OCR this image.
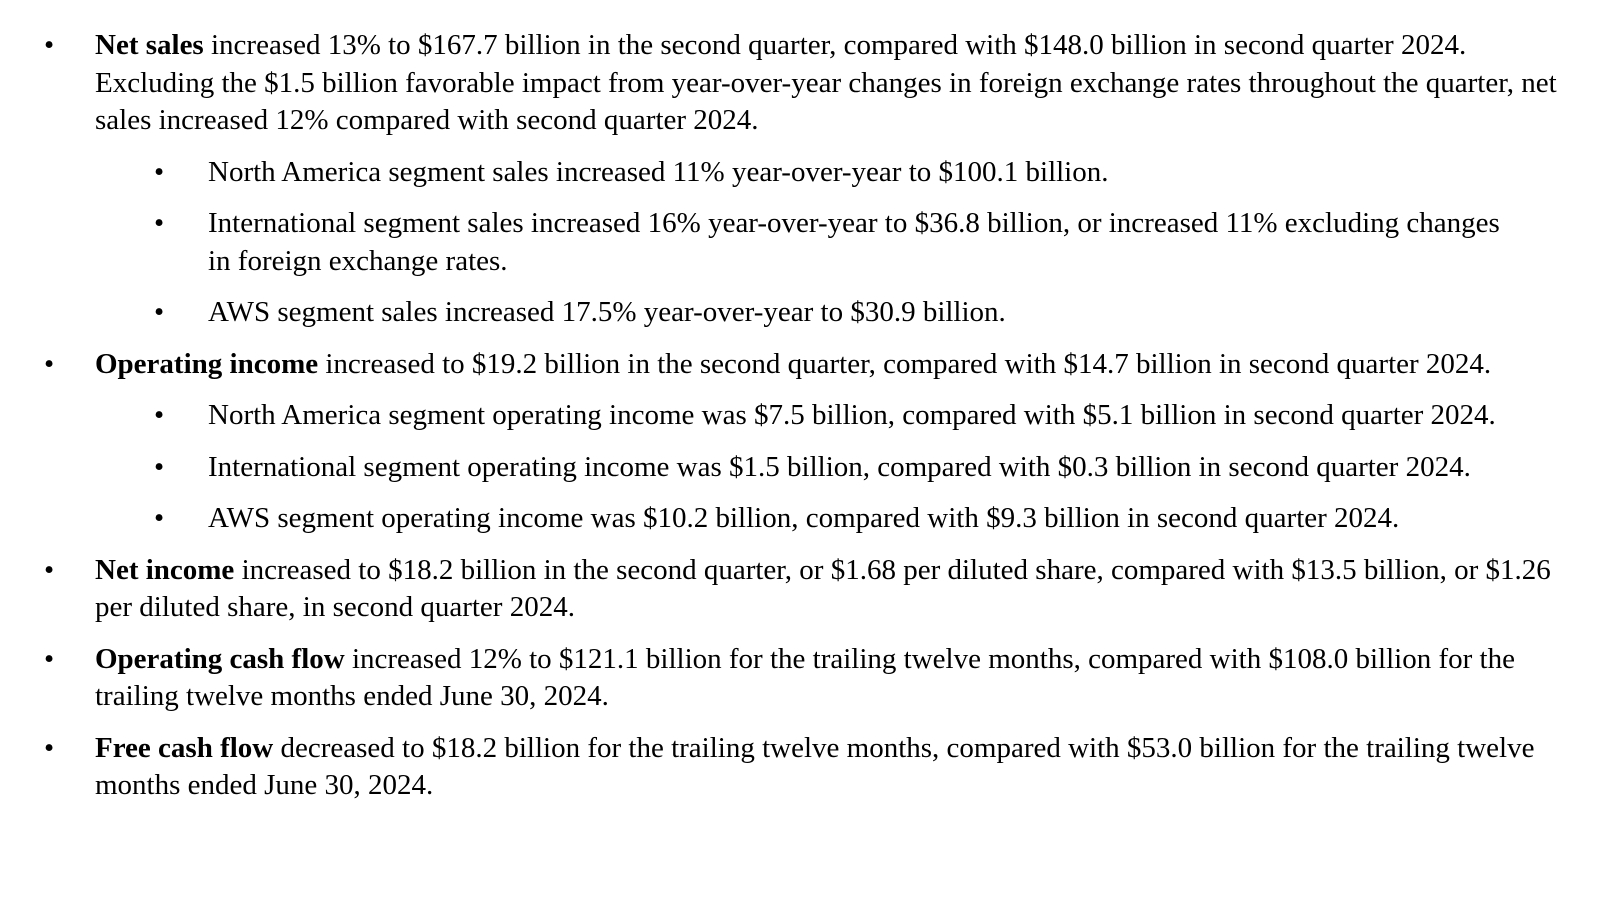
•	Net sales increased 13% to $167.7 billion in the second quarter, compared with $148.0 billion in second quarter 2024. Excluding the $1.5 billion favorable impact from year-over-year changes in foreign exchange rates throughout the quarter, net sales increased 12% compared with second quarter 2024.
•	North America segment sales increased 11% year-over-year to $100.1 billion.
•	International segment sales increased 16% year-over-year to $36.8 billion, or increased 11% excluding changes in foreign exchange rates.
•	AWS segment sales increased 17.5% year-over-year to $30.9 billion.
•	Operating income increased to $19.2 billion in the second quarter, compared with $14.7 billion in second quarter 2024.
•	North America segment operating income was $7.5 billion, compared with $5.1 billion in second quarter 2024.
•	International segment operating income was $1.5 billion, compared with $0.3 billion in second quarter 2024.
•	AWS segment operating income was $10.2 billion, compared with $9.3 billion in second quarter 2024.
•	Net income increased to $18.2 billion in the second quarter, or $1.68 per diluted share, compared with $13.5 billion, or $1.26 per diluted share, in second quarter 2024.
•	Operating cash flow increased 12% to $121.1 billion for the trailing twelve months, compared with $108.0 billion for the trailing twelve months ended June 30, 2024.
•	Free cash flow decreased to $18.2 billion for the trailing twelve months, compared with $53.0 billion for the trailing twelve months ended June 30, 2024.
